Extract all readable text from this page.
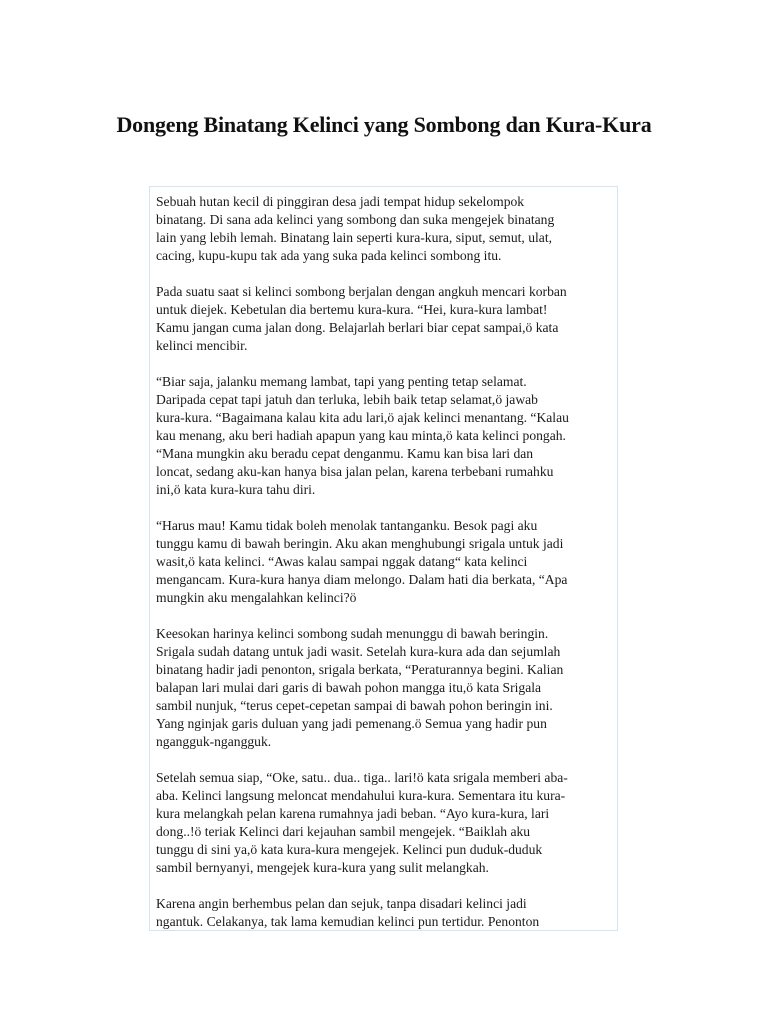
Dongeng Binatang Kelinci yang Sombong dan Kura-Kura

Sebuah hutan kecil di pinggiran desa jadi tempat hidup sekelompok
binatang. Di sana ada kelinci yang sombong dan suka mengejek binatang
lain yang lebih lemah. Binatang lain seperti kura-kura, siput, semut, ulat,
cacing, kupu-kupu tak ada yang suka pada kelinci sombong itu.

Pada suatu saat si kelinci sombong berjalan dengan angkuh mencari korban
untuk diejek. Kebetulan dia bertemu kura-kura. “Hei, kura-kura lambat!
Kamu jangan cuma jalan dong. Belajarlah berlari biar cepat sampai,ö kata
kelinci mencibir.

“Biar saja, jalanku memang lambat, tapi yang penting tetap selamat.
Daripada cepat tapi jatuh dan terluka, lebih baik tetap selamat,ö jawab
kura-kura. “Bagaimana kalau kita adu lari,ö ajak kelinci menantang. “Kalau
kau menang, aku beri hadiah apapun yang kau minta,ö kata kelinci pongah.
“Mana mungkin aku beradu cepat denganmu. Kamu kan bisa lari dan
loncat, sedang aku-kan hanya bisa jalan pelan, karena terbebani rumahku
ini,ö kata kura-kura tahu diri.

“Harus mau! Kamu tidak boleh menolak tantanganku. Besok pagi aku
tunggu kamu di bawah beringin. Aku akan menghubungi srigala untuk jadi
wasit,ö kata kelinci. “Awas kalau sampai nggak datang“ kata kelinci
mengancam. Kura-kura hanya diam melongo. Dalam hati dia berkata, “Apa
mungkin aku mengalahkan kelinci?ö

Keesokan harinya kelinci sombong sudah menunggu di bawah beringin.
Srigala sudah datang untuk jadi wasit. Setelah kura-kura ada dan sejumlah
binatang hadir jadi penonton, srigala berkata, “Peraturannya begini. Kalian
balapan lari mulai dari garis di bawah pohon mangga itu,ö kata Srigala
sambil nunjuk, “terus cepet-cepetan sampai di bawah pohon beringin ini.
Yang nginjak garis duluan yang jadi pemenang.ö Semua yang hadir pun
ngangguk-ngangguk.

Setelah semua siap, “Oke, satu.. dua.. tiga.. lari!ö kata srigala memberi aba-
aba. Kelinci langsung meloncat mendahului kura-kura. Sementara itu kura-
kura melangkah pelan karena rumahnya jadi beban. “Ayo kura-kura, lari
dong..!ö teriak Kelinci dari kejauhan sambil mengejek. “Baiklah aku
tunggu di sini ya,ö kata kura-kura mengejek. Kelinci pun duduk-duduk
sambil bernyanyi, mengejek kura-kura yang sulit melangkah.

Karena angin berhembus pelan dan sejuk, tanpa disadari kelinci jadi
ngantuk. Celakanya, tak lama kemudian kelinci pun tertidur. Penonton
